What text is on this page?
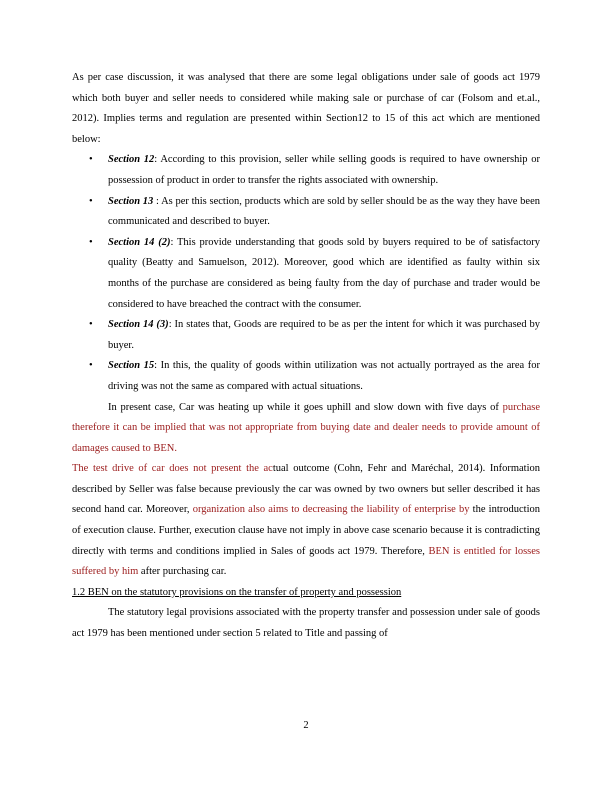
As per case discussion, it was analysed that there are some legal obligations under sale of goods act 1979 which both buyer and seller needs to considered while making sale or purchase of car (Folsom and et.al., 2012). Implies terms and regulation are presented within Section12 to 15 of this act which are mentioned below:

• Section 12: According to this provision, seller while selling goods is required to have ownership or possession of product in order to transfer the rights associated with ownership.
• Section 13 : As per this section, products which are sold by seller should be as the way they have been communicated and described to buyer.
• Section 14 (2): This provide understanding that goods sold by buyers required to be of satisfactory quality (Beatty and Samuelson, 2012). Moreover, good which are identified as faulty within six months of the purchase are considered as being faulty from the day of purchase and trader would be considered to have breached the contract with the consumer.
• Section 14 (3): In states that, Goods are required to be as per the intent for which it was purchased by buyer.
• Section 15: In this, the quality of goods within utilization was not actually portrayed as the area for driving was not the same as compared with actual situations.

In present case, Car was heating up while it goes uphill and slow down with five days of purchase therefore it can be implied that was not appropriate from buying date and dealer needs to provide amount of damages caused to BEN.

The test drive of car does not present the actual outcome (Cohn, Fehr and Maréchal, 2014). Information described by Seller was false because previously the car was owned by two owners but seller described it has second hand car. Moreover, organization also aims to decreasing the liability of enterprise by the introduction of execution clause. Further, execution clause have not imply in above case scenario because it is contradicting directly with terms and conditions implied in Sales of goods act 1979. Therefore, BEN is entitled for losses suffered by him after purchasing car.

1.2 BEN on the statutory provisions on the transfer of property and possession

The statutory legal provisions associated with the property transfer and possession under sale of goods act 1979 has been mentioned under section 5 related to Title and passing of

2
